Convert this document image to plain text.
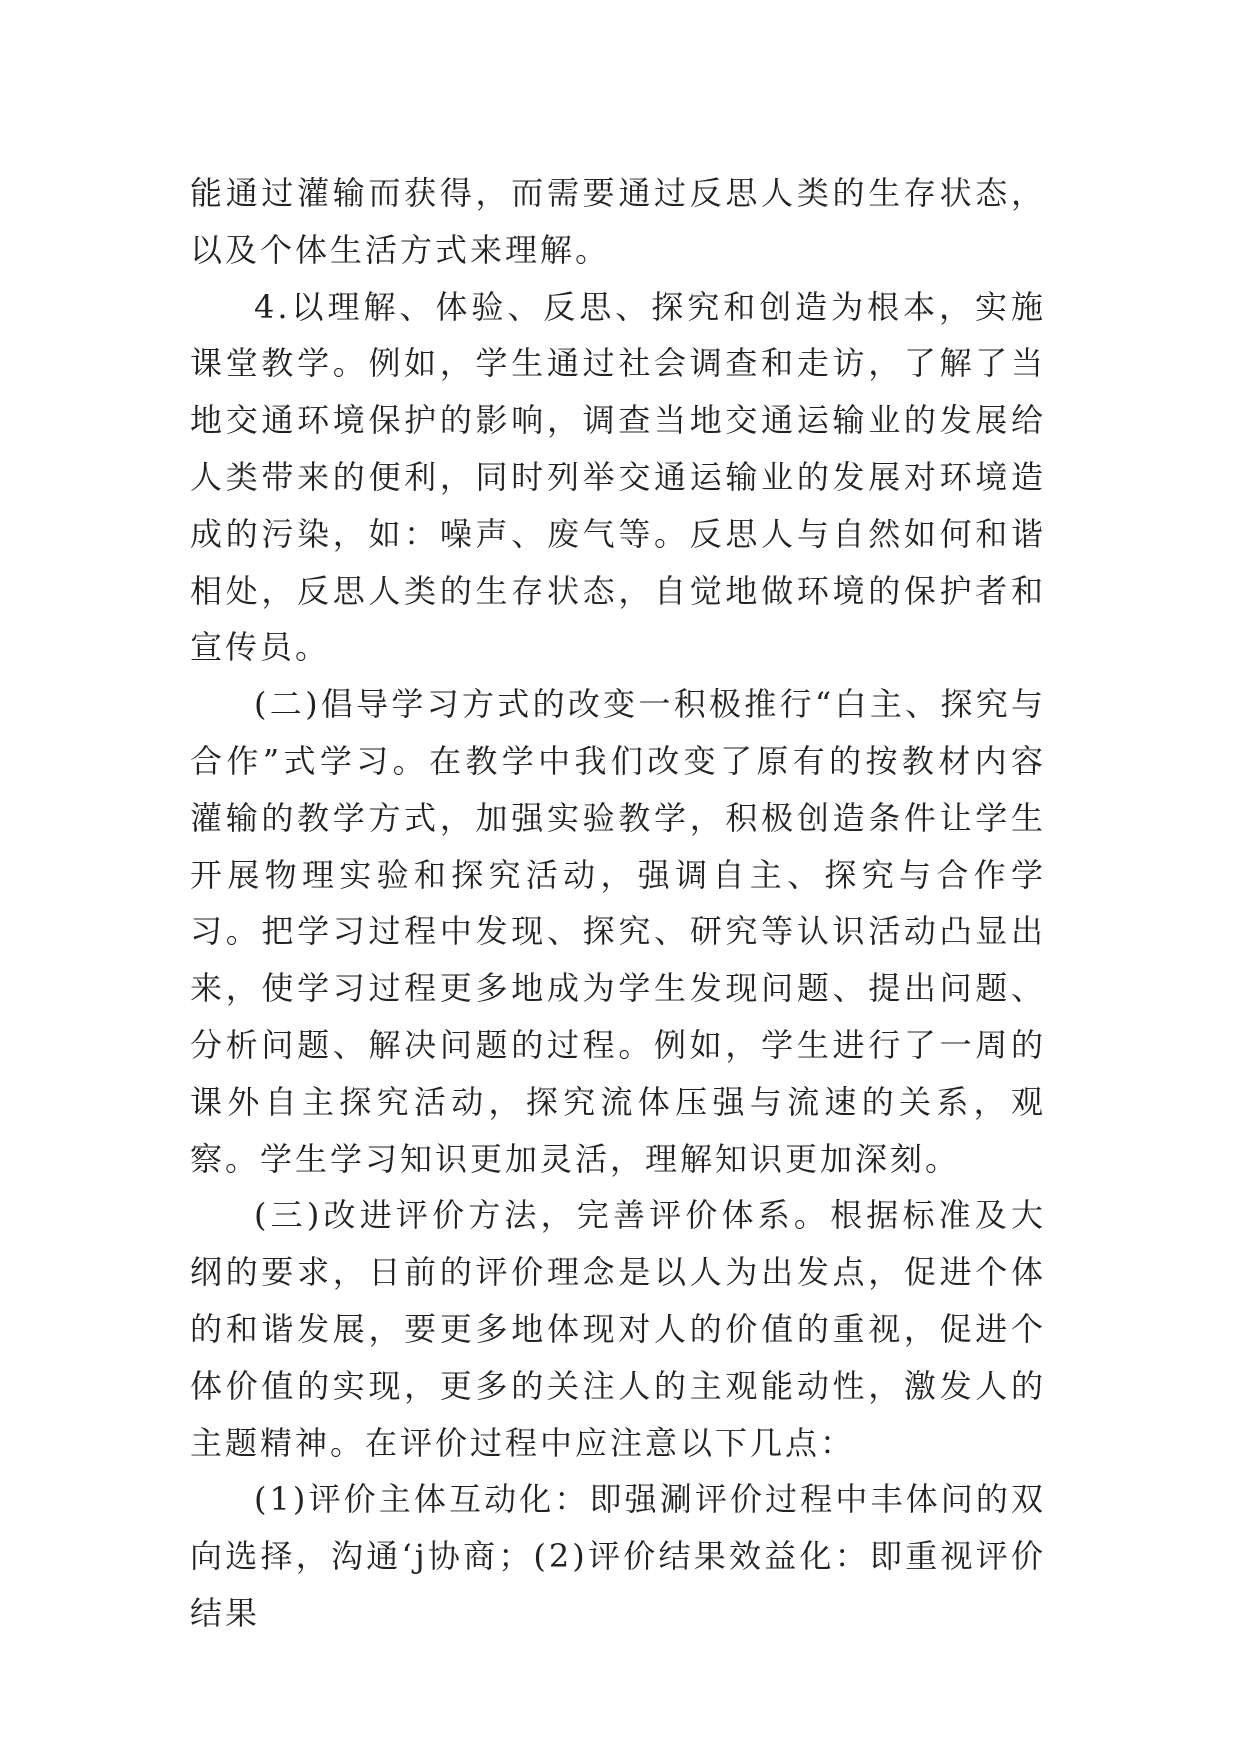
能通过灌输而获得，而需要通过反思人类的生存状态，以及个体生活方式来理解。

4.以理解、体验、反思、探究和创造为根本，实施课堂教学。例如，学生通过社会调查和走访，了解了当地交通环境保护的影响，调查当地交通运输业的发展给人类带来的便利，同时列举交通运输业的发展对环境造成的污染，如：噪声、废气等。反思人与自然如何和谐相处，反思人类的生存状态，自觉地做环境的保护者和宣传员。

(二)倡导学习方式的改变一积极推行“白主、探究与合作”式学习。在教学中我们改变了原有的按教材内容灌输的教学方式，加强实验教学，积极创造条件让学生开展物理实验和探究活动，强调自主、探究与合作学习。把学习过程中发现、探究、研究等认识活动凸显出来，使学习过程更多地成为学生发现问题、提出问题、分析问题、解决问题的过程。例如，学生进行了一周的课外自主探究活动，探究流体压强与流速的关系，观察。学生学习知识更加灵活，理解知识更加深刻。

(三)改进评价方法，完善评价体系。根据标准及大纲的要求，日前的评价理念是以人为出发点，促进个体的和谐发展，要更多地体现对人的价值的重视，促进个体价值的实现，更多的关注人的主观能动性，激发人的主题精神。在评价过程中应注意以下几点：

(1)评价主体互动化：即强涮评价过程中丰体问的双向选择，沟通‘j协商；(2)评价结果效益化：即重视评价结果
